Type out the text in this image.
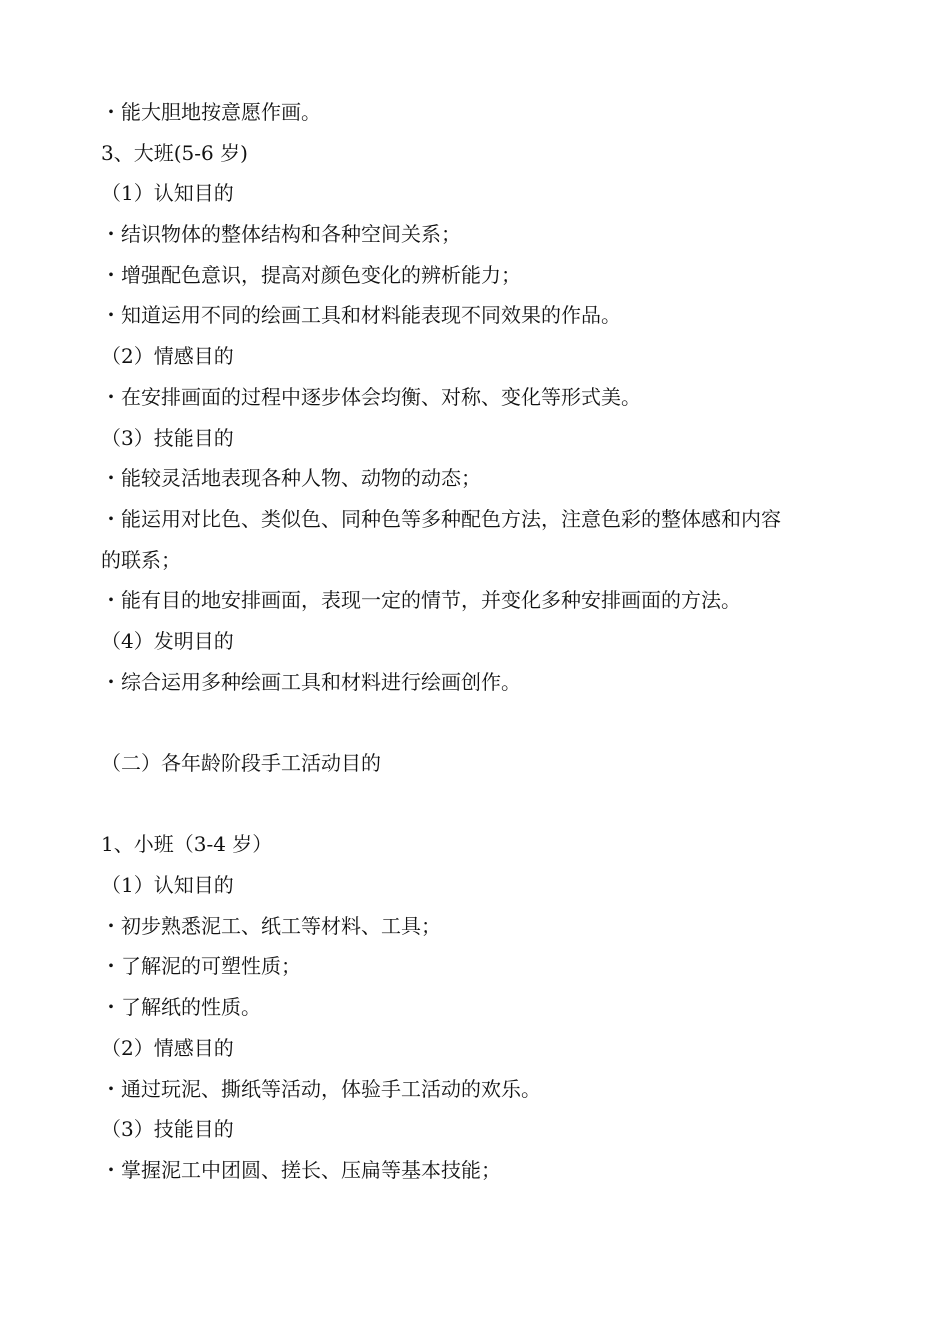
・能大胆地按意愿作画。
3、大班(5-6 岁)
（1）认知目的
・结识物体的整体结构和各种空间关系；
・增强配色意识，提高对颜色变化的辨析能力；
・知道运用不同的绘画工具和材料能表现不同效果的作品。
（2）情感目的
・在安排画面的过程中逐步体会均衡、对称、变化等形式美。
（3）技能目的
・能较灵活地表现各种人物、动物的动态；
・能运用对比色、类似色、同种色等多种配色方法，注意色彩的整体感和内容
的联系；
・能有目的地安排画面，表现一定的情节，并变化多种安排画面的方法。
（4）发明目的
・综合运用多种绘画工具和材料进行绘画创作。
（二）各年龄阶段手工活动目的
1、小班（3-4 岁）
（1）认知目的
・初步熟悉泥工、纸工等材料、工具；
・了解泥的可塑性质；
・了解纸的性质。
（2）情感目的
・通过玩泥、撕纸等活动，体验手工活动的欢乐。
（3）技能目的
・掌握泥工中团圆、搓长、压扁等基本技能；
